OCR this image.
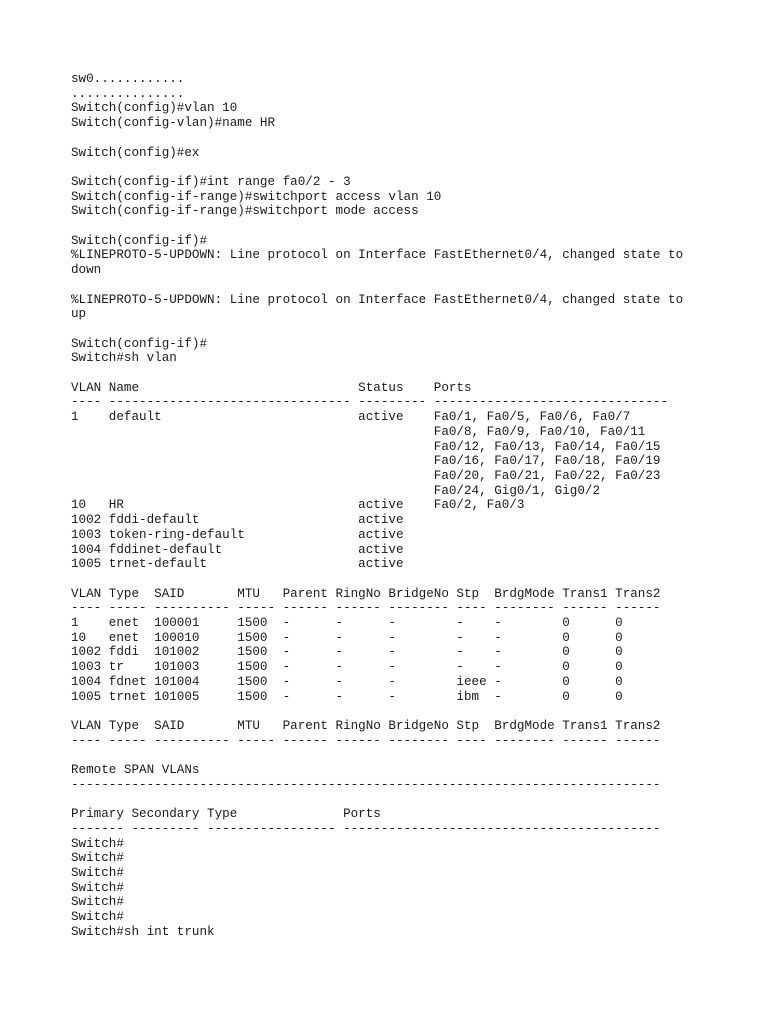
sw0............
...............
Switch(config)#vlan 10
Switch(config-vlan)#name HR

Switch(config)#ex

Switch(config-if)#int range fa0/2 - 3
Switch(config-if-range)#switchport access vlan 10
Switch(config-if-range)#switchport mode access

Switch(config-if)#
%LINEPROTO-5-UPDOWN: Line protocol on Interface FastEthernet0/4, changed state to
down

%LINEPROTO-5-UPDOWN: Line protocol on Interface FastEthernet0/4, changed state to
up

Switch(config-if)#
Switch#sh vlan

VLAN Name                             Status    Ports
---- -------------------------------- --------- -------------------------------
1    default                          active    Fa0/1, Fa0/5, Fa0/6, Fa0/7
Fa0/8, Fa0/9, Fa0/10, Fa0/11
Fa0/12, Fa0/13, Fa0/14, Fa0/15
Fa0/16, Fa0/17, Fa0/18, Fa0/19
Fa0/20, Fa0/21, Fa0/22, Fa0/23
Fa0/24, Gig0/1, Gig0/2
10   HR                               active    Fa0/2, Fa0/3
1002 fddi-default                     active
1003 token-ring-default               active
1004 fddinet-default                  active
1005 trnet-default                    active

VLAN Type  SAID       MTU   Parent RingNo BridgeNo Stp  BrdgMode Trans1 Trans2
---- ----- ---------- ----- ------ ------ -------- ---- -------- ------ ------
1    enet  100001     1500  -      -      -        -    -        0      0
10   enet  100010     1500  -      -      -        -    -        0      0
1002 fddi  101002     1500  -      -      -        -    -        0      0
1003 tr    101003     1500  -      -      -        -    -        0      0
1004 fdnet 101004     1500  -      -      -        ieee -        0      0
1005 trnet 101005     1500  -      -      -        ibm  -        0      0

VLAN Type  SAID       MTU   Parent RingNo BridgeNo Stp  BrdgMode Trans1 Trans2
---- ----- ---------- ----- ------ ------ -------- ---- -------- ------ ------

Remote SPAN VLANs
------------------------------------------------------------------------------

Primary Secondary Type              Ports
------- --------- ----------------- ------------------------------------------
Switch#
Switch#
Switch#
Switch#
Switch#
Switch#
Switch#sh int trunk
